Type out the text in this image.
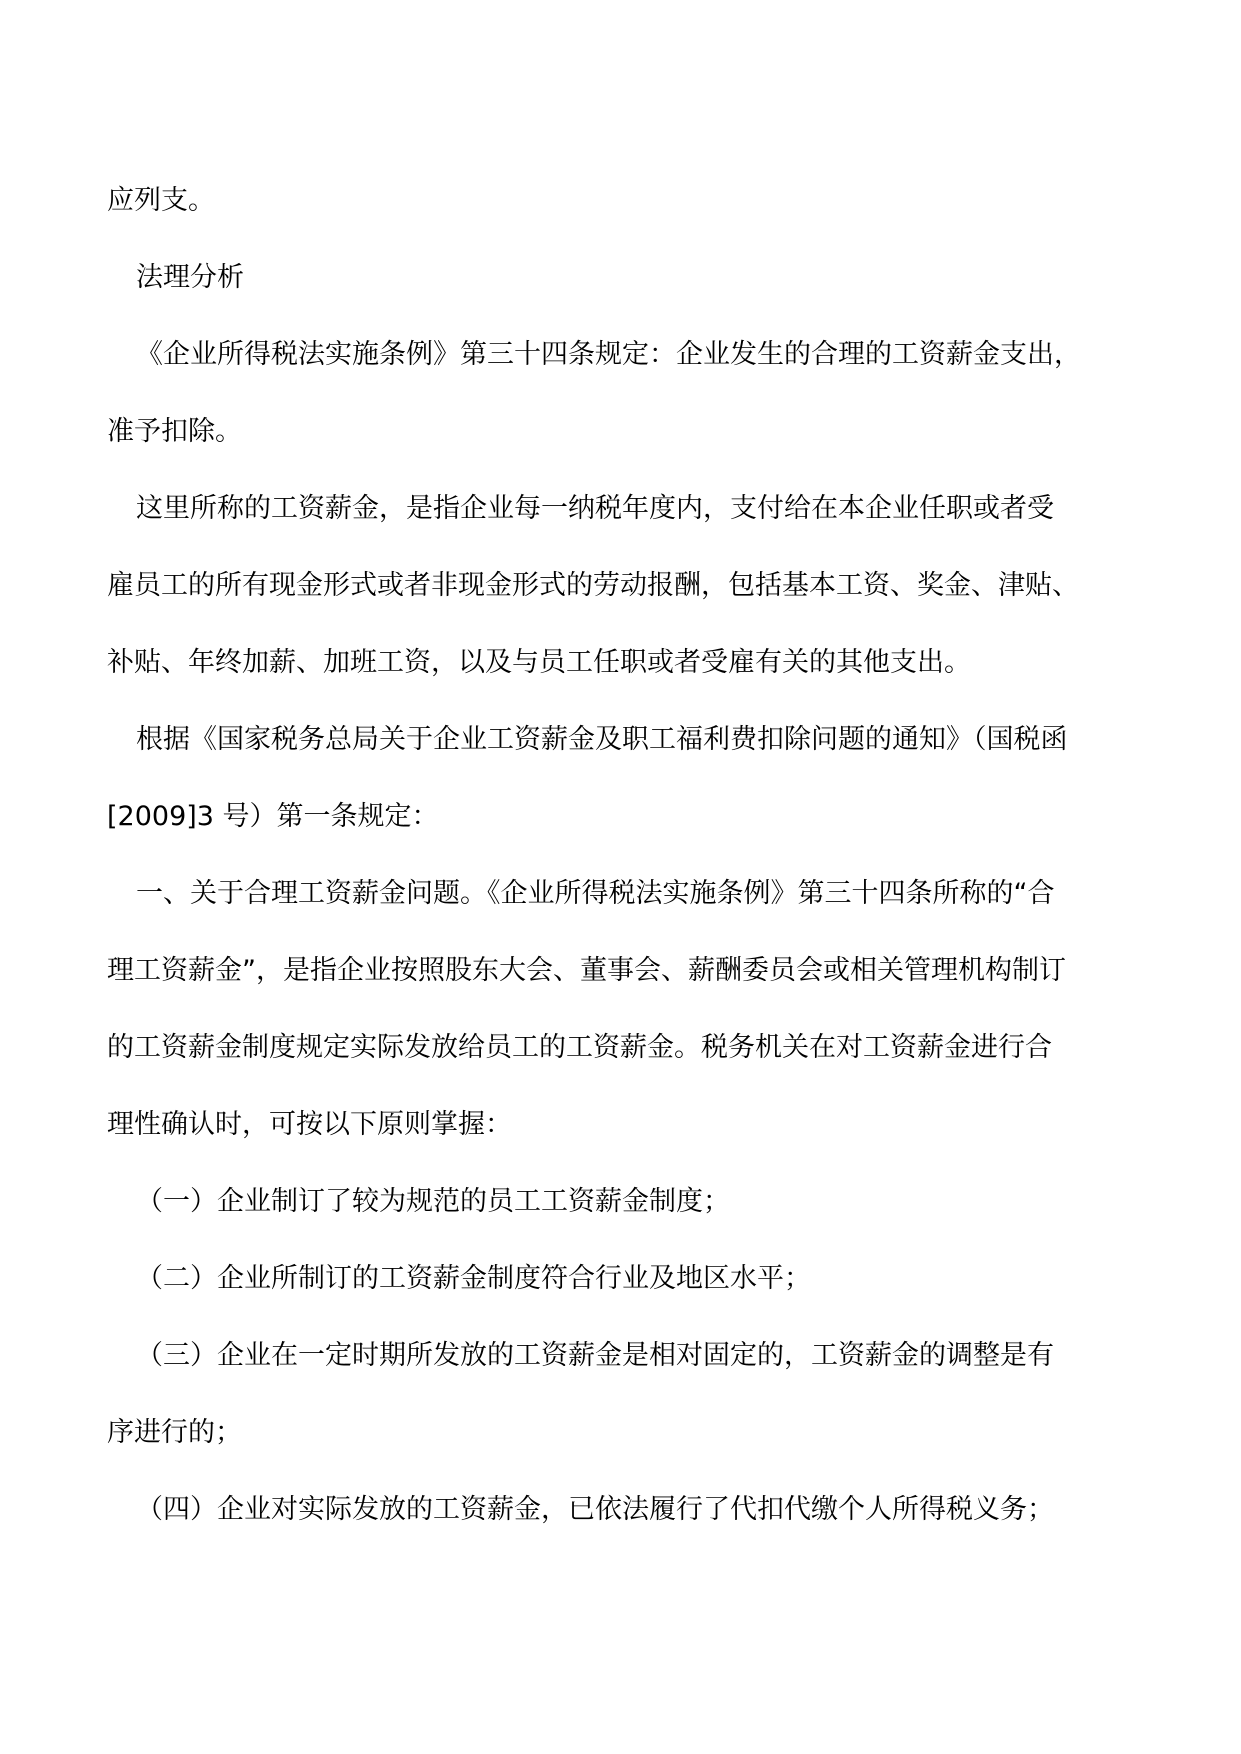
应列支。
法理分析
《企业所得税法实施条例》第三十四条规定：企业发生的合理的工资薪金支出，
准予扣除。
这里所称的工资薪金，是指企业每一纳税年度内，支付给在本企业任职或者受
雇员工的所有现金形式或者非现金形式的劳动报酬，包括基本工资、奖金、津贴、
补贴、年终加薪、加班工资，以及与员工任职或者受雇有关的其他支出。
根据《国家税务总局关于企业工资薪金及职工福利费扣除问题的通知》（国税函
[2009]3 号）第一条规定：
一、关于合理工资薪金问题。《企业所得税法实施条例》第三十四条所称的“合
理工资薪金”，是指企业按照股东大会、董事会、薪酬委员会或相关管理机构制订
的工资薪金制度规定实际发放给员工的工资薪金。税务机关在对工资薪金进行合
理性确认时，可按以下原则掌握：
（一）企业制订了较为规范的员工工资薪金制度；
（二）企业所制订的工资薪金制度符合行业及地区水平；
（三）企业在一定时期所发放的工资薪金是相对固定的，工资薪金的调整是有
序进行的；
（四）企业对实际发放的工资薪金，已依法履行了代扣代缴个人所得税义务；
